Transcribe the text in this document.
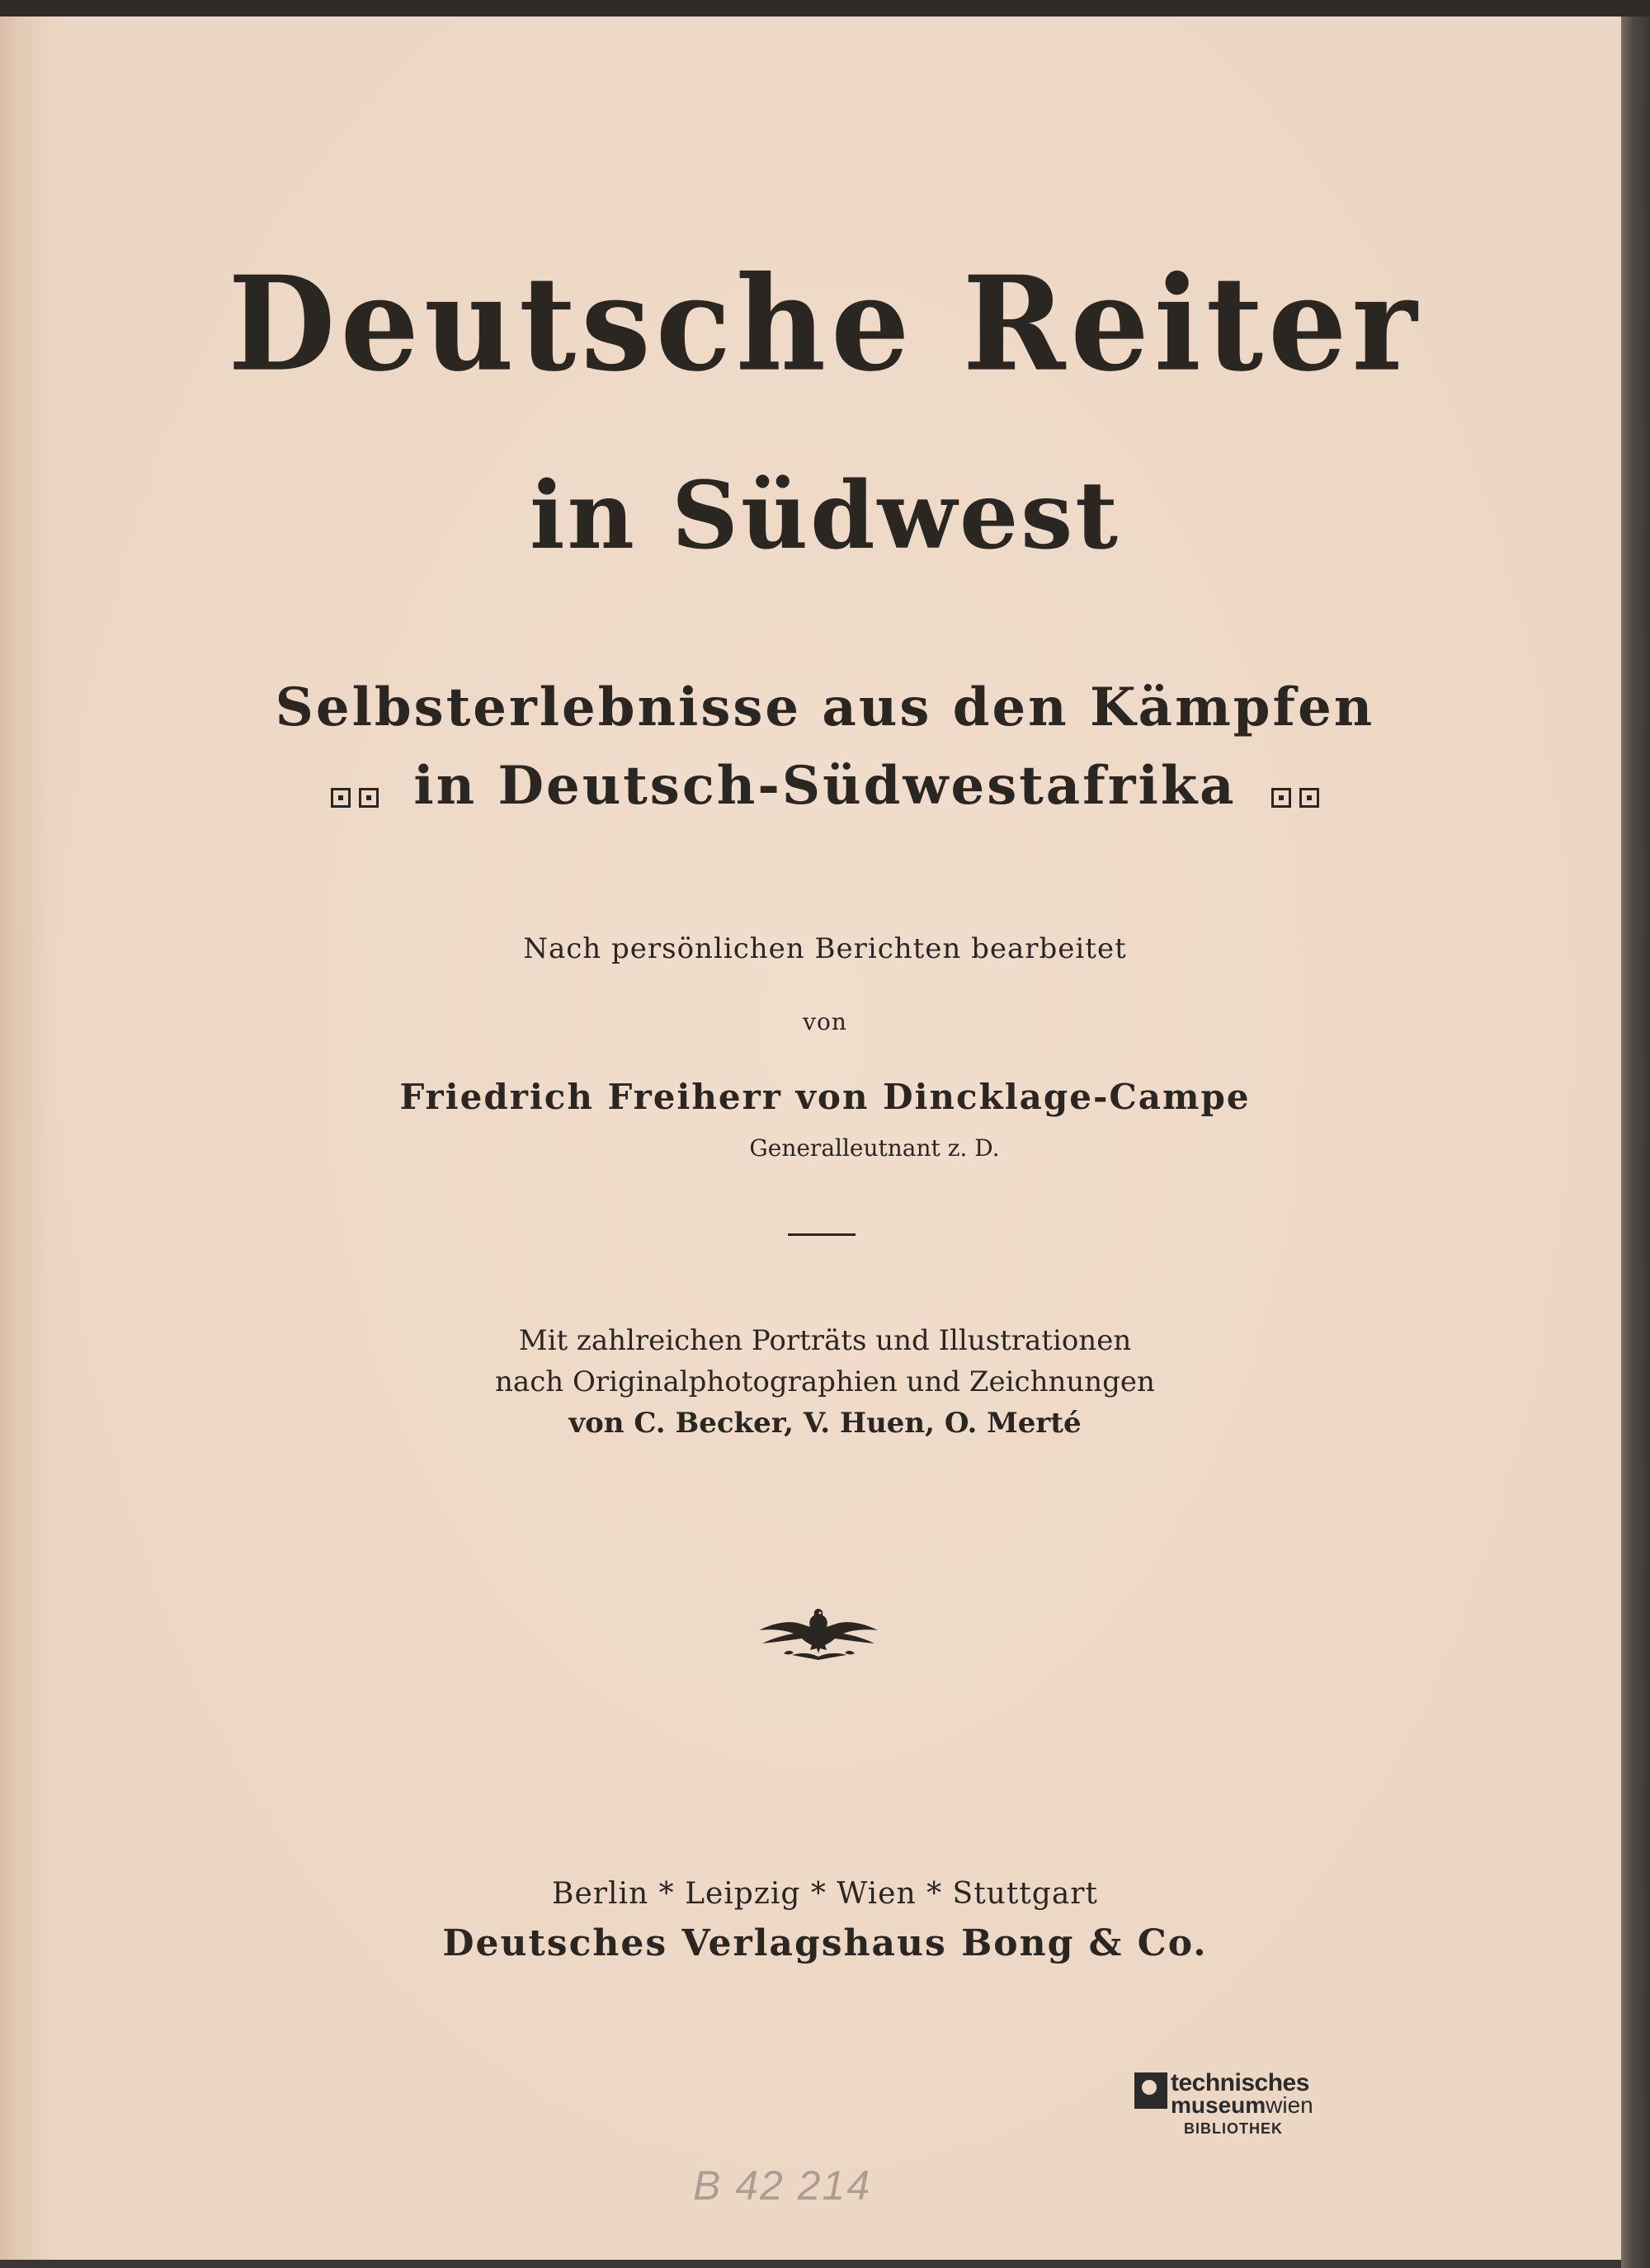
Deutsche Reiter
in Südwest
Selbsterlebnisse aus den Kämpfen
in Deutsch-Südwestafrika
Nach persönlichen Berichten bearbeitet
von
Friedrich Freiherr von Dincklage-Campe
Generalleutnant z. D.
Mit zahlreichen Porträts und Illustrationen
nach Originalphotographien und Zeichnungen
von C. Becker, V. Huen, O. Merté
Berlin * Leipzig * Wien * Stuttgart
Deutsches Verlagshaus Bong & Co.
technisches
museumwien
BIBLIOTHEK
B 42 214
